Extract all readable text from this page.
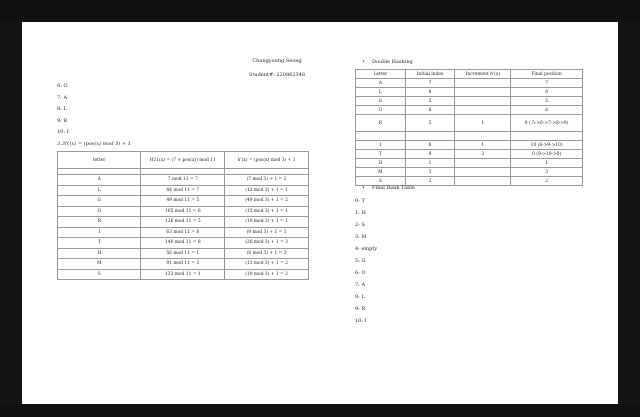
Changyoung Seong
Student#: 220862348
6: O
7: A
8: L
9: R
10: I
3.3h'(x) = (pos(x) mod 3) + 1
letter	H11(x) = (7 × pos(x)) mod 11	h'(x) = (pos(x) mod 3) + 1

A	7 mod 11 = 7	(7 mod 3) + 1 = 2
L	84 mod 11 = 7	(12 mod 3) + 1 = 1
G	49 mod 11 = 5	(49 mod 3) + 1 = 2
O	105 mod 11 = 6	(15 mod 3) + 1 = 1
R	126 mod 11 = 5	(18 mod 3) + 1 = 1
I	63 mod 11 = 8	(9 mod 3) + 1 = 1
T	140 mod 11 = 8	(20 mod 3) + 1 = 3
H	56 mod 11 = 1	(8 mod 3) + 1 = 3
M	91 mod 11 = 3	(13 mod 3) + 1 = 2
S	133 mod 11 = 1	(19 mod 3) + 1 = 2
• Double Hashing
Letter	Initial index	Increment h'(x)	Final position
A	7		7
L	8		8
G	5		5
O	6		6
R	5	1	9 ( 5->6->7->8->9)

I	8	1	10 (8->9->10)
T	9	3	0 (9->10->0)
H	1		1
M	3		3
S	2		2
• Final Hash Table
0: T
1: H
2: S
3: M
4: empty
5: G
6: O
7: A
8: L
9: R
10: I
